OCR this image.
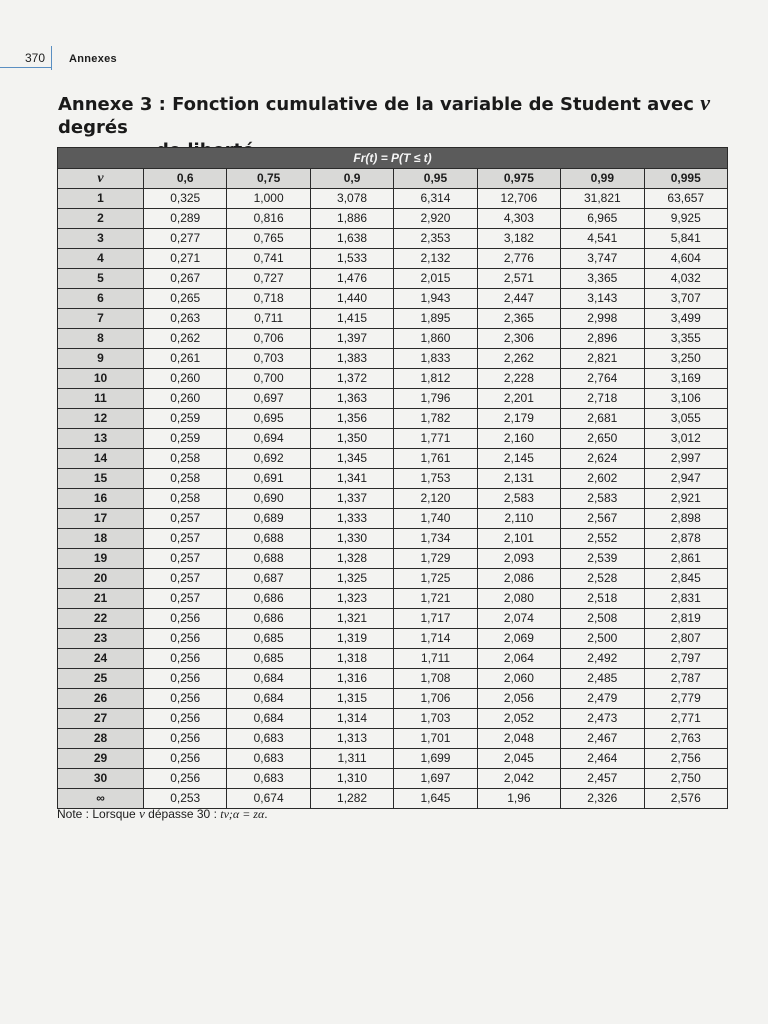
370 Annexes
Annexe 3 : Fonction cumulative de la variable de Student avec ν degrés
Fr(t) = P(T ≤ t)							
ν	0,6	0,75	0,9	0,95	0,975	0,99	0,995
1	0,325	1,000	3,078	6,314	12,706	31,821	63,657
2	0,289	0,816	1,886	2,920	4,303	6,965	9,925
3	0,277	0,765	1,638	2,353	3,182	4,541	5,841
4	0,271	0,741	1,533	2,132	2,776	3,747	4,604
5	0,267	0,727	1,476	2,015	2,571	3,365	4,032
6	0,265	0,718	1,440	1,943	2,447	3,143	3,707
7	0,263	0,711	1,415	1,895	2,365	2,998	3,499
8	0,262	0,706	1,397	1,860	2,306	2,896	3,355
9	0,261	0,703	1,383	1,833	2,262	2,821	3,250
10	0,260	0,700	1,372	1,812	2,228	2,764	3,169
11	0,260	0,697	1,363	1,796	2,201	2,718	3,106
12	0,259	0,695	1,356	1,782	2,179	2,681	3,055
13	0,259	0,694	1,350	1,771	2,160	2,650	3,012
14	0,258	0,692	1,345	1,761	2,145	2,624	2,997
15	0,258	0,691	1,341	1,753	2,131	2,602	2,947
16	0,258	0,690	1,337	2,120	2,583	2,583	2,921
17	0,257	0,689	1,333	1,740	2,110	2,567	2,898
18	0,257	0,688	1,330	1,734	2,101	2,552	2,878
19	0,257	0,688	1,328	1,729	2,093	2,539	2,861
20	0,257	0,687	1,325	1,725	2,086	2,528	2,845
21	0,257	0,686	1,323	1,721	2,080	2,518	2,831
22	0,256	0,686	1,321	1,717	2,074	2,508	2,819
23	0,256	0,685	1,319	1,714	2,069	2,500	2,807
24	0,256	0,685	1,318	1,711	2,064	2,492	2,797
25	0,256	0,684	1,316	1,708	2,060	2,485	2,787
26	0,256	0,684	1,315	1,706	2,056	2,479	2,779
27	0,256	0,684	1,314	1,703	2,052	2,473	2,771
28	0,256	0,683	1,313	1,701	2,048	2,467	2,763
29	0,256	0,683	1,311	1,699	2,045	2,464	2,756
30	0,256	0,683	1,310	1,697	2,042	2,457	2,750
∞	0,253	0,674	1,282	1,645	1,96	2,326	2,576
Note : Lorsque ν dépasse 30 : tν;α = zα.
